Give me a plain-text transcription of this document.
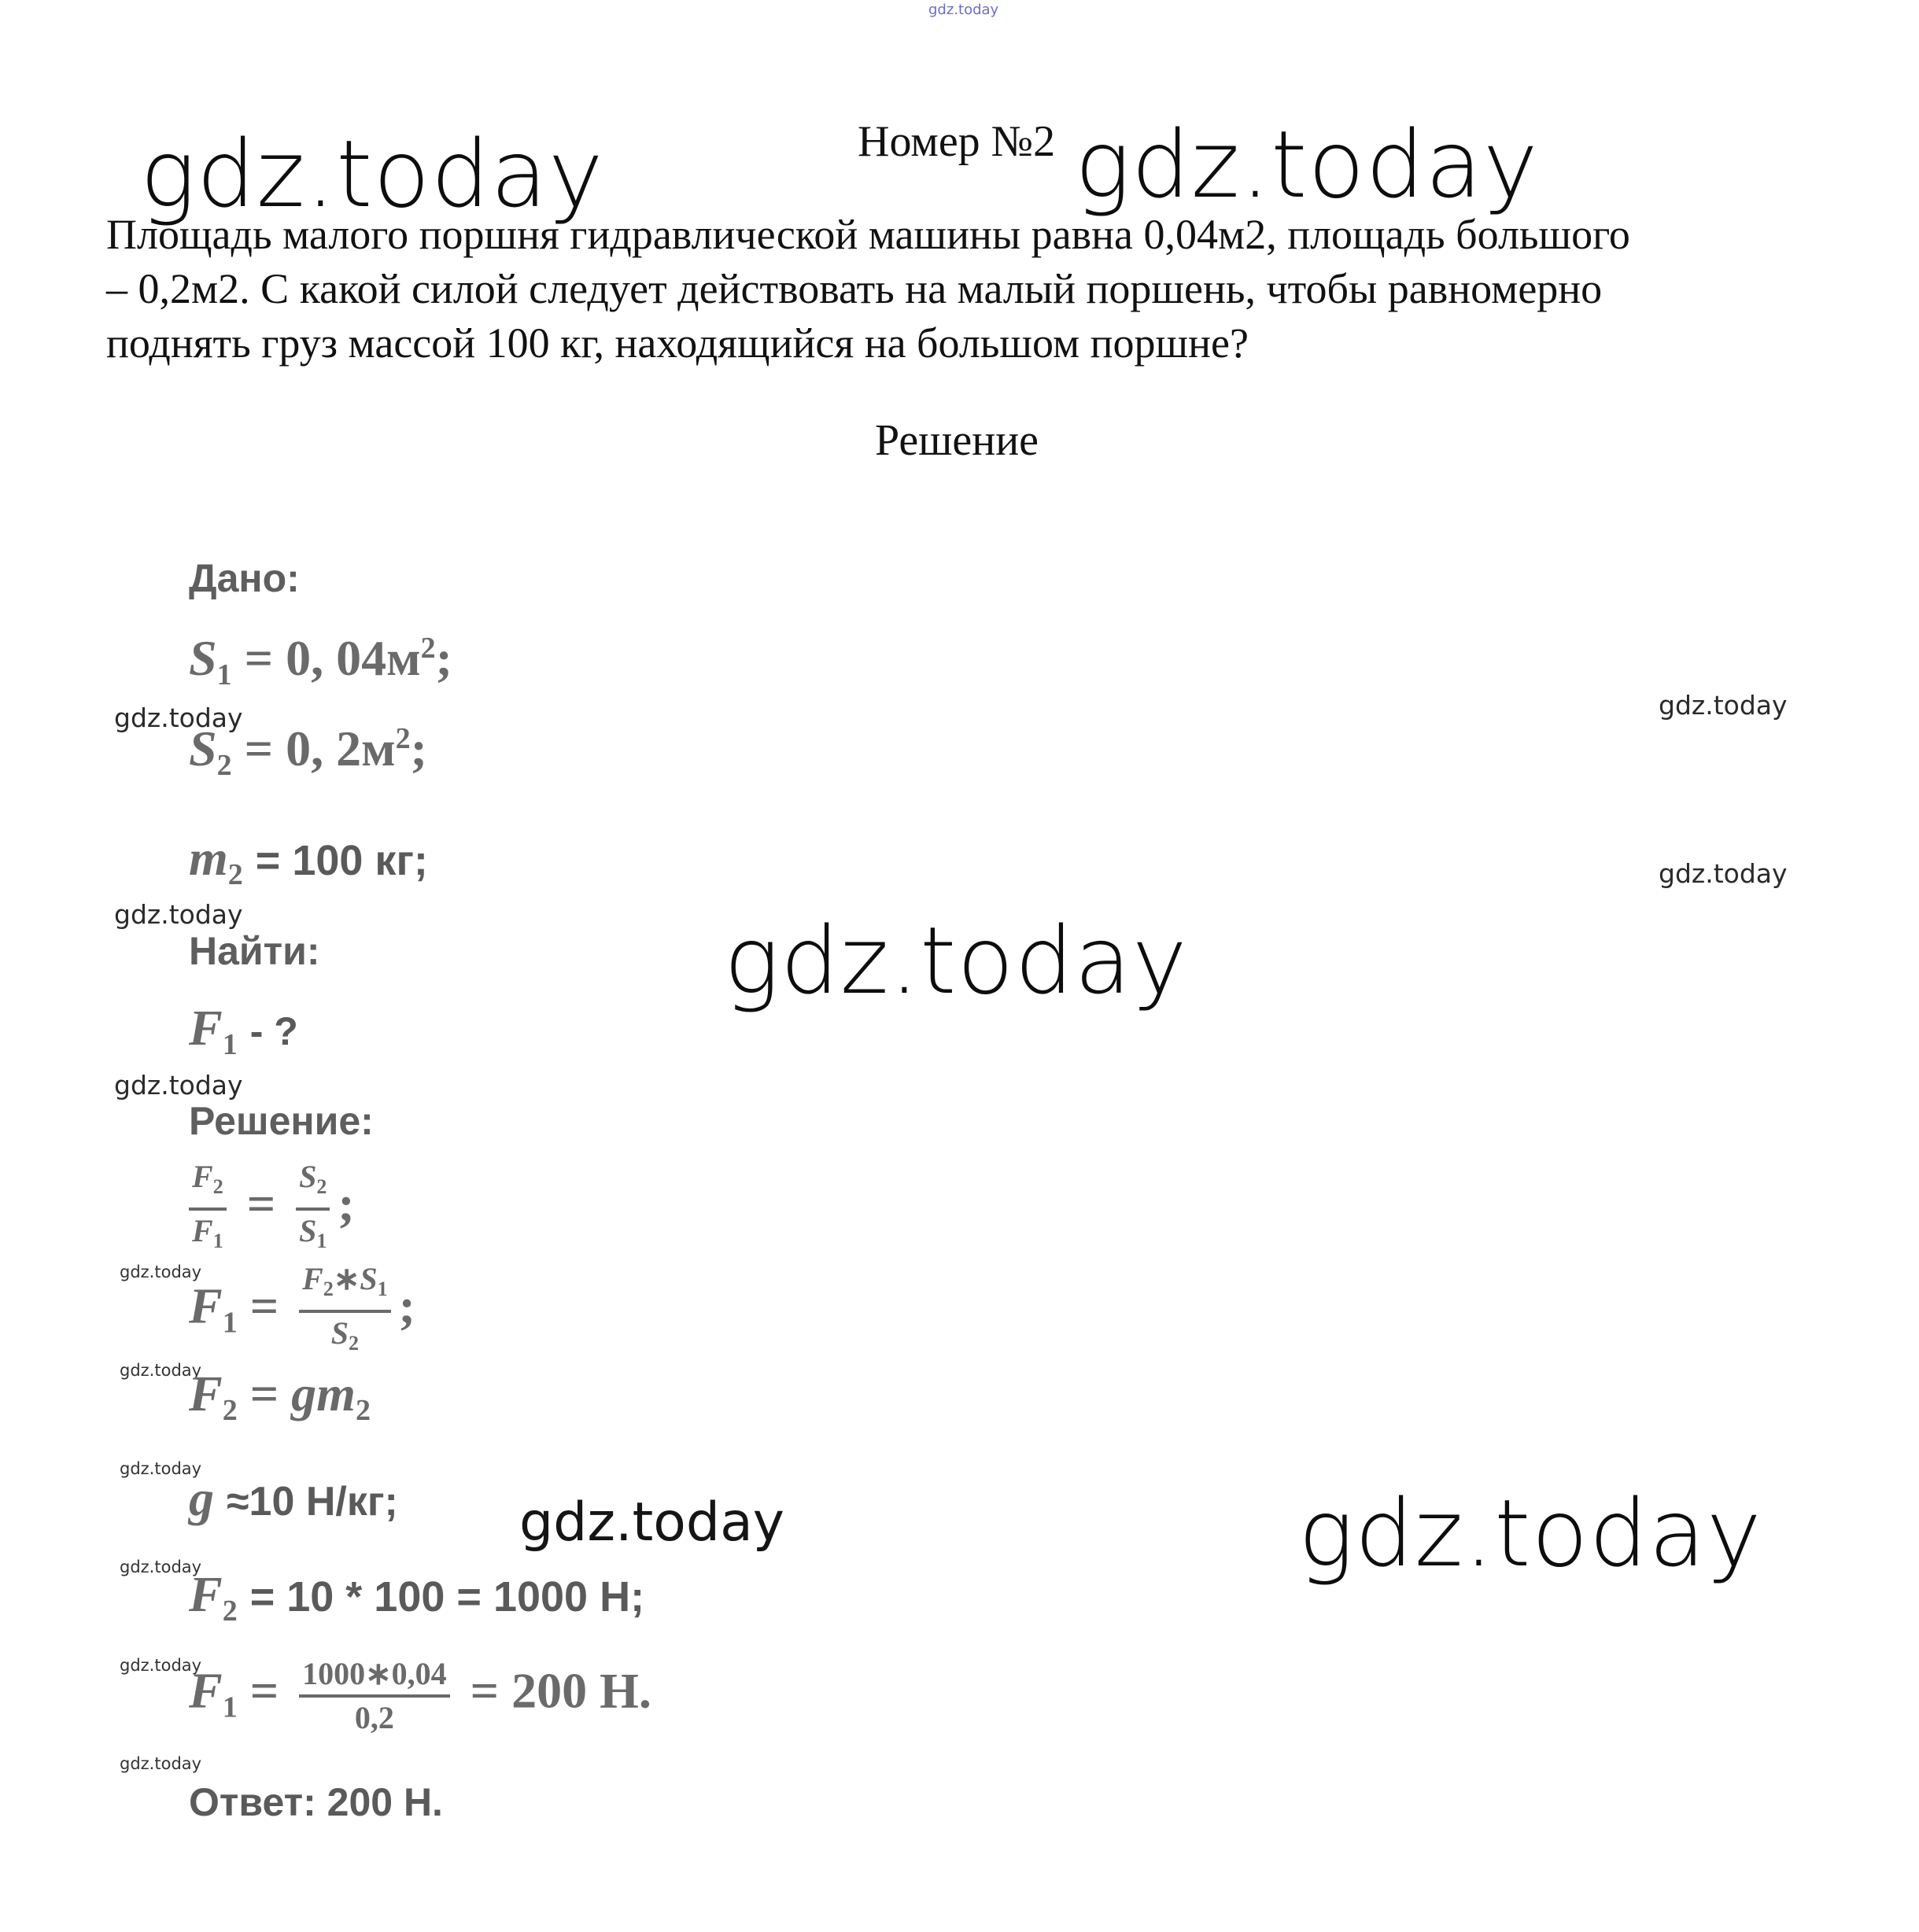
gdz.today
gdz.today	gdz.today
gdz.today
gdz.today
gdz.today
gdz.today
gdz.today
gdz.today
gdz.today
gdz.today
gdz.today
gdz.today
gdz.today
gdz.today
gdz.today
gdz.today
Номер №2

Площадь малого поршня гидравлической машины равна 0,04м2, площадь большого

– 0,2м2. С какой силой следует действовать на малый поршень, чтобы равномерно

поднять груз массой 100 кг, находящийся на большом поршне?

Решение
Дано:
$S_1 = 0$, $04м^2$;
$S_2 = 0$, $2м^2$;
$m_2 = 100$ кг;
Найти:
$F_1$ - ?
Решение:
$\frac{F_2}{F_1} = \frac{S_2}{S_1}$ ;
$F_1 = \frac{F_2∗S_1}{S_2}$ ;
$F_2 = gm_2$
g ≈10 Н/кг;
$F_2 = 10 * 100 = 1000$ Н;
$F_1 = \frac{1000∗0,04}{0,2} = 200$ Н.
Ответ: 200 Н.
